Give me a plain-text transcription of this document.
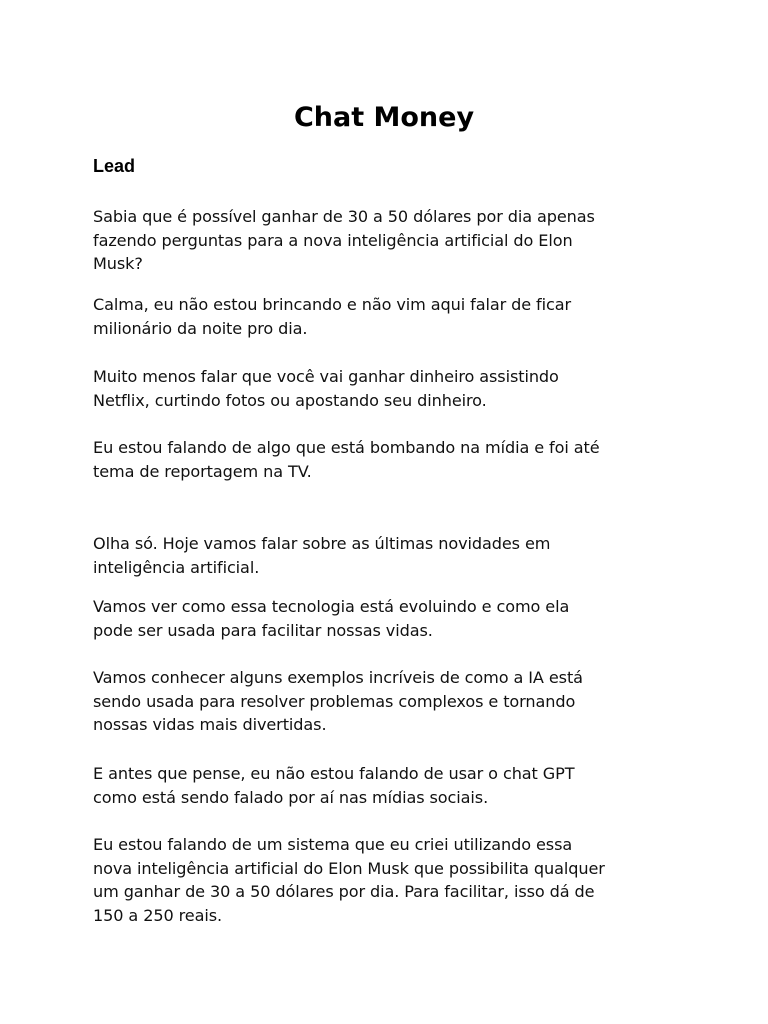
Chat Money
Lead

Sabia que é possível ganhar de 30 a 50 dólares por dia apenas
fazendo perguntas para a nova inteligência artificial do Elon
Musk?

Calma, eu não estou brincando e não vim aqui falar de ficar
milionário da noite pro dia.

Muito menos falar que você vai ganhar dinheiro assistindo
Netflix, curtindo fotos ou apostando seu dinheiro.

Eu estou falando de algo que está bombando na mídia e foi até
tema de reportagem na TV.

Olha só. Hoje vamos falar sobre as últimas novidades em
inteligência artificial.

Vamos ver como essa tecnologia está evoluindo e como ela
pode ser usada para facilitar nossas vidas.

Vamos conhecer alguns exemplos incríveis de como a IA está
sendo usada para resolver problemas complexos e tornando
nossas vidas mais divertidas.

E antes que pense, eu não estou falando de usar o chat GPT
como está sendo falado por aí nas mídias sociais.

Eu estou falando de um sistema que eu criei utilizando essa
nova inteligência artificial do Elon Musk que possibilita qualquer
um ganhar de 30 a 50 dólares por dia. Para facilitar, isso dá de
150 a 250 reais.
